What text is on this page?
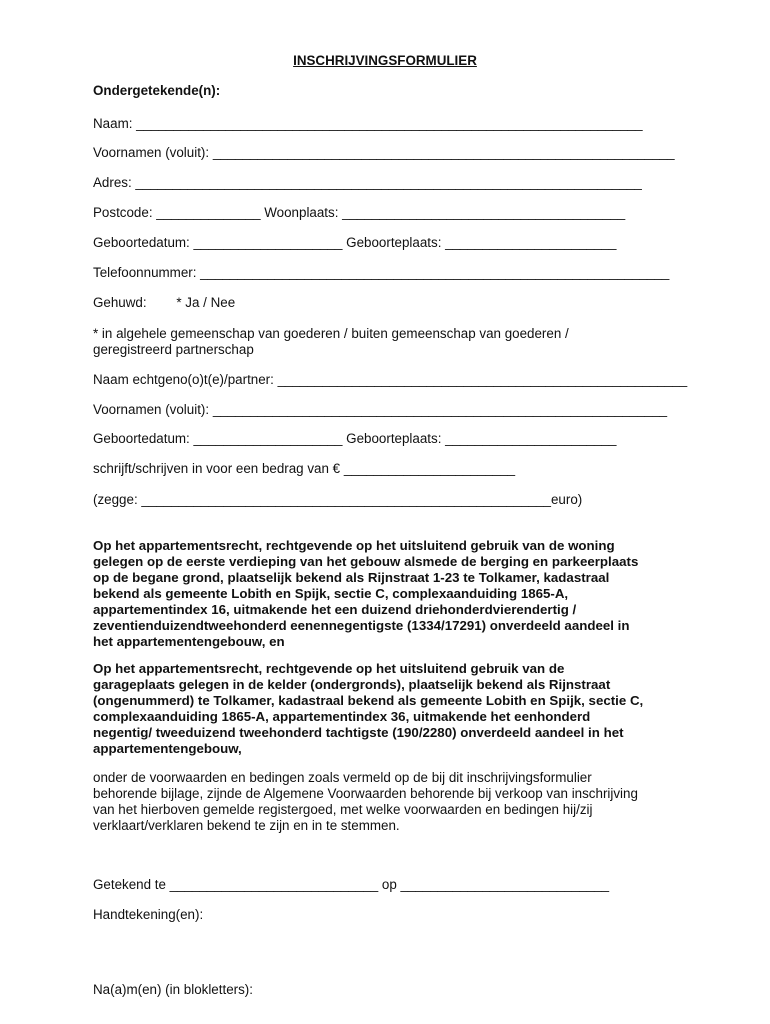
INSCHRIJVINGSFORMULIER
Ondergetekende(n):
Naam: ____________________________________________________________________
Voornamen (voluit): ______________________________________________________________
Adres: ____________________________________________________________________
Postcode: ______________ Woonplaats: ______________________________________
Geboortedatum: ____________________ Geboorteplaats: _______________________
Telefoonnummer: _______________________________________________________________
Gehuwd:        * Ja / Nee
* in algehele gemeenschap van goederen / buiten gemeenschap van goederen /
geregistreerd partnerschap
Naam echtgeno(o)t(e)/partner: _______________________________________________________
Voornamen (voluit): _____________________________________________________________
Geboortedatum: ____________________ Geboorteplaats: _______________________
schrijft/schrijven in voor een bedrag van € _______________________
(zegge: _______________________________________________________euro)
Op het appartementsrecht, rechtgevende op het uitsluitend gebruik van de woning
gelegen op de eerste verdieping van het gebouw alsmede de berging en parkeerplaats
op de begane grond, plaatselijk bekend als Rijnstraat 1-23 te Tolkamer, kadastraal
bekend als gemeente Lobith en Spijk, sectie C, complexaanduiding 1865-A,
appartementindex 16, uitmakende het een duizend driehonderdvierendertig /
zeventienduizendtweehonderd eenennegentigste (1334/17291) onverdeeld aandeel in
het appartementengebouw, en
Op het appartementsrecht, rechtgevende op het uitsluitend gebruik van de
garageplaats gelegen in de kelder (ondergronds), plaatselijk bekend als Rijnstraat
(ongenummerd) te Tolkamer, kadastraal bekend als gemeente Lobith en Spijk, sectie C,
complexaanduiding 1865-A, appartementindex 36, uitmakende het eenhonderd
negentig/ tweeduizend tweehonderd tachtigste (190/2280) onverdeeld aandeel in het
appartementengebouw,
onder de voorwaarden en bedingen zoals vermeld op de bij dit inschrijvingsformulier
behorende bijlage, zijnde de Algemene Voorwaarden behorende bij verkoop van inschrijving
van het hierboven gemelde registergoed, met welke voorwaarden en bedingen hij/zij
verklaart/verklaren bekend te zijn en in te stemmen.
Getekend te ____________________________ op ____________________________
Handtekening(en):
Na(a)m(en) (in blokletters):
